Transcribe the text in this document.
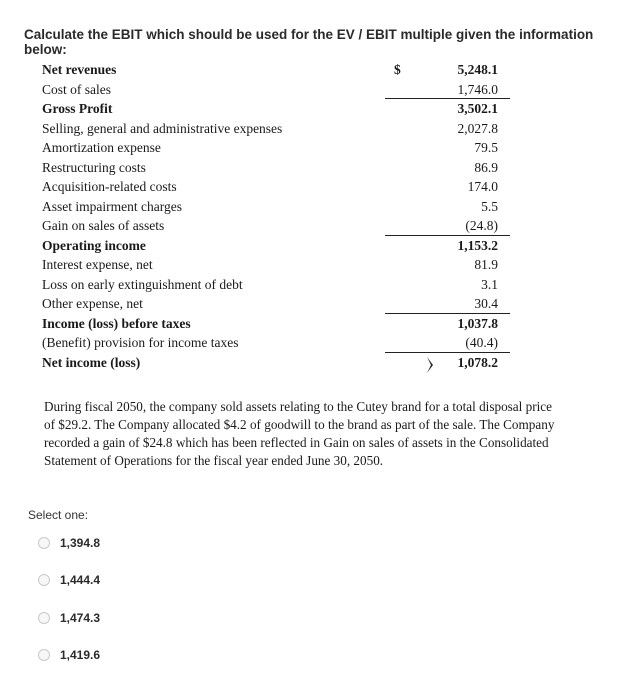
Calculate the EBIT which should be used for the EV / EBIT multiple given the information below:
Net revenues	$	5,248.1
Cost of sales	1,746.0
Gross Profit	3,502.1
Selling, general and administrative expenses	2,027.8
Amortization expense	79.5
Restructuring costs	86.9
Acquisition-related costs	174.0
Asset impairment charges	5.5
Gain on sales of assets	(24.8)
Operating income	1,153.2
Interest expense, net	81.9
Loss on early extinguishment of debt	3.1
Other expense, net	30.4
Income (loss) before taxes	1,037.8
(Benefit) provision for income taxes	(40.4)
Net income (loss)	1,078.2
During fiscal 2050, the company sold assets relating to the Cutey brand for a total disposal price of $29.2. The Company allocated $4.2 of goodwill to the brand as part of the sale. The Company recorded a gain of $24.8 which has been reflected in Gain on sales of assets in the Consolidated Statement of Operations for the fiscal year ended June 30, 2050.
Select one:
1,394.8
1,444.4
1,474.3
1,419.6
